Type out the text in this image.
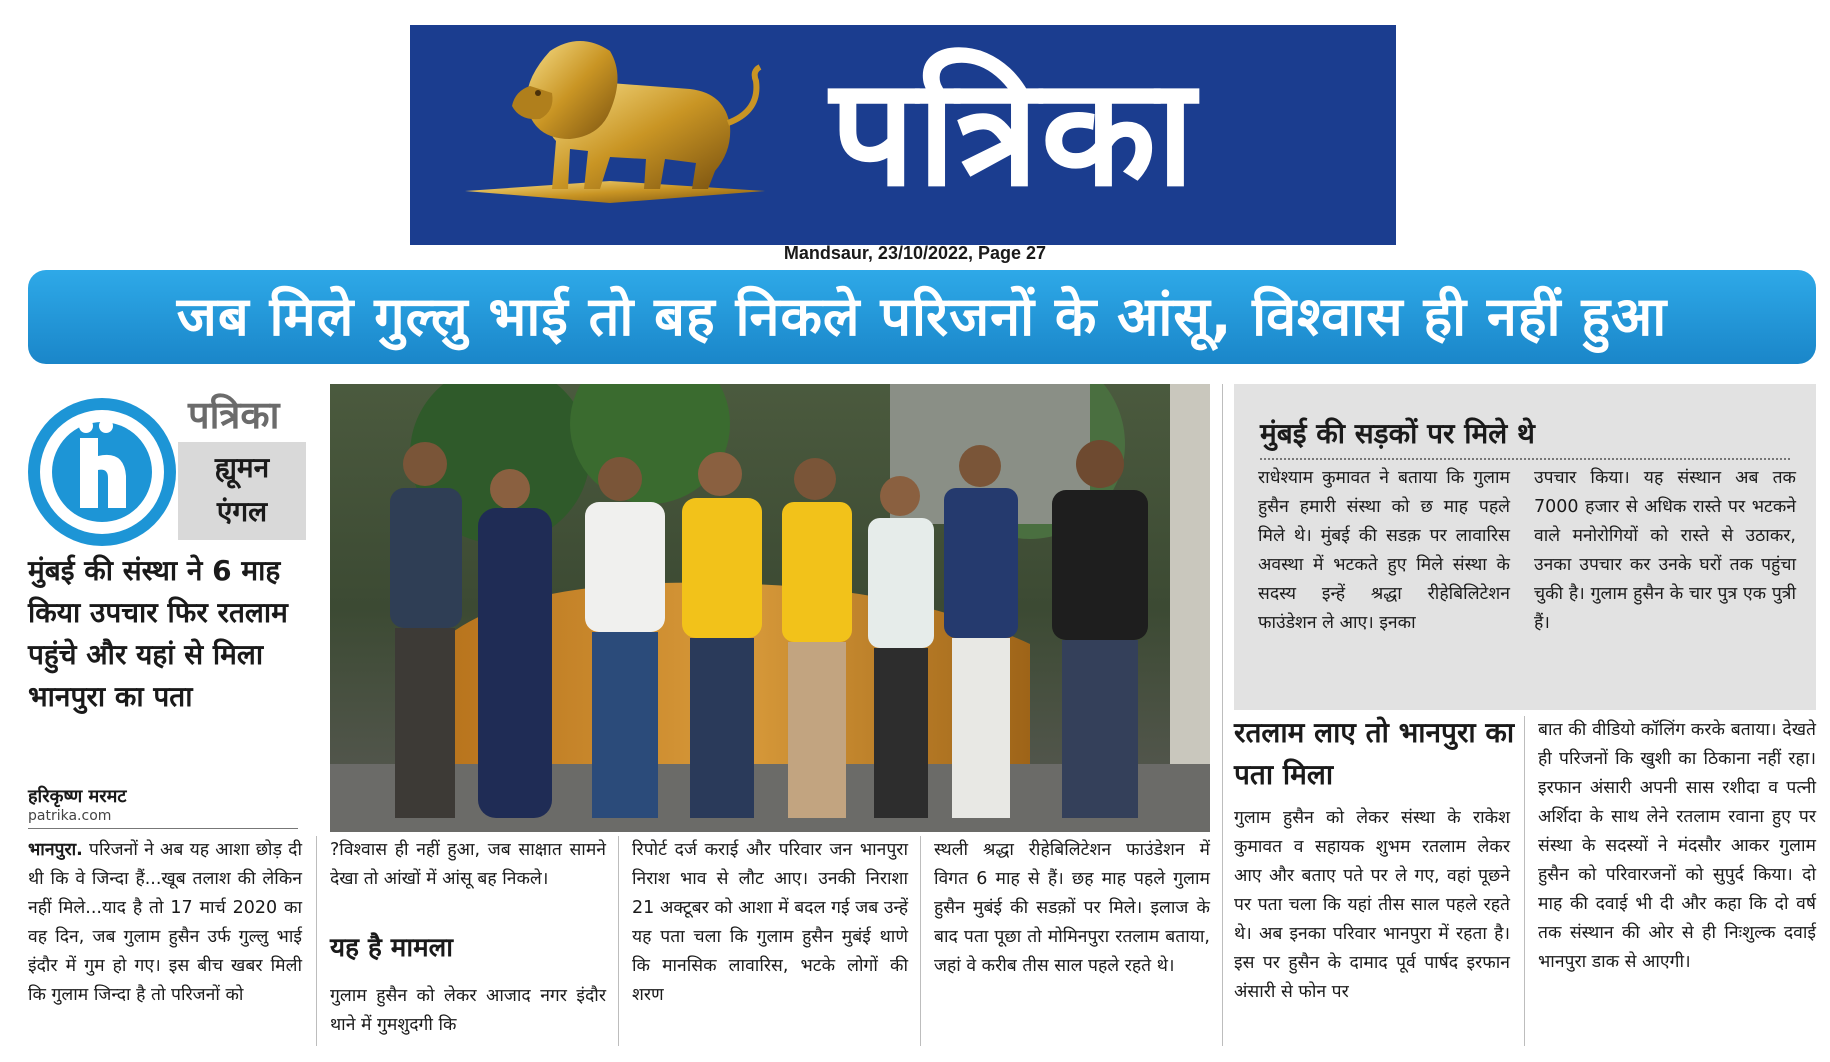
पत्रिका
Mandsaur, 23/10/2022, Page 27
जब मिले गुल्लु भाई तो बह निकले परिजनों के आंसू, विश्वास ही नहीं हुआ
पत्रिका
ह्यूमन
एंगल
मुंबई की संस्था ने 6 माह किया उपचार फिर रतलाम पहुंचे और यहां से मिला भानपुरा का पता
हरिकृष्ण मरमट
patrika.com
भानपुरा. परिजनों ने अब यह आशा छोड़ दी थी कि वे जिन्दा हैं...खूब तलाश की लेकिन नहीं मिले...याद है तो 17 मार्च 2020 का वह दिन, जब गुलाम हुसैन उर्फ गुल्लु भाई इंदौर में गुम हो गए। इस बीच खबर मिली कि गुलाम जिन्दा है तो परिजनों को
?विश्वास ही नहीं हुआ, जब साक्षात सामने देखा तो आंखों में आंसू बह निकले।
यह है मामला
गुलाम हुसैन को लेकर आजाद नगर इंदौर थाने में गुमशुदगी कि
रिपोर्ट दर्ज कराई और परिवार जन भानपुरा निराश भाव से लौट आए। उनकी निराशा 21 अक्टूबर को आशा में बदल गई जब उन्हें यह पता चला कि गुलाम हुसैन मुबंई थाणे कि मानसिक लावारिस, भटके लोगों की शरण
स्थली श्रद्धा रीहेबिलिटेशन फाउंडेशन में विगत 6 माह से हैं। छह माह पहले गुलाम हुसैन मुबंई की सडक़ों पर मिले। इलाज के बाद पता पूछा तो मोमिनपुरा रतलाम बताया, जहां वे करीब तीस साल पहले रहते थे।
मुंबई की सड़कों पर मिले थे
राधेश्याम कुमावत ने बताया कि गुलाम हुसैन हमारी संस्था को छ माह पहले मिले थे। मुंबई की सडक़ पर लावारिस अवस्था में भटकते हुए मिले संस्था के सदस्य इन्हें श्रद्धा रीहेबिलिटेशन फाउंडेशन ले आए। इनका
उपचार किया। यह संस्थान अब तक 7000 हजार से अधिक रास्ते पर भटकने वाले मनोरोगियों को रास्ते से उठाकर, उनका उपचार कर उनके घरों तक पहुंचा चुकी है। गुलाम हुसैन के चार पुत्र एक पुत्री हैं।
रतलाम लाए तो भानपुरा का पता मिला
गुलाम हुसैन को लेकर संस्था के राकेश कुमावत व सहायक शुभम रतलाम लेकर आए और बताए पते पर ले गए, वहां पूछने पर पता चला कि यहां तीस साल पहले रहते थे। अब इनका परिवार भानपुरा में रहता है। इस पर हुसैन के दामाद पूर्व पार्षद इरफान अंसारी से फोन पर
बात की वीडियो कॉलिंग करके बताया। देखते ही परिजनों कि खुशी का ठिकाना नहीं रहा। इरफान अंसारी अपनी सास रशीदा व पत्नी अर्शिदा के साथ लेने रतलाम रवाना हुए पर संस्था के सदस्यों ने मंदसौर आकर गुलाम हुसैन को परिवारजनों को सुपुर्द किया। दो माह की दवाई भी दी और कहा कि दो वर्ष तक संस्थान की ओर से ही निःशुल्क दवाई भानपुरा डाक से आएगी।
